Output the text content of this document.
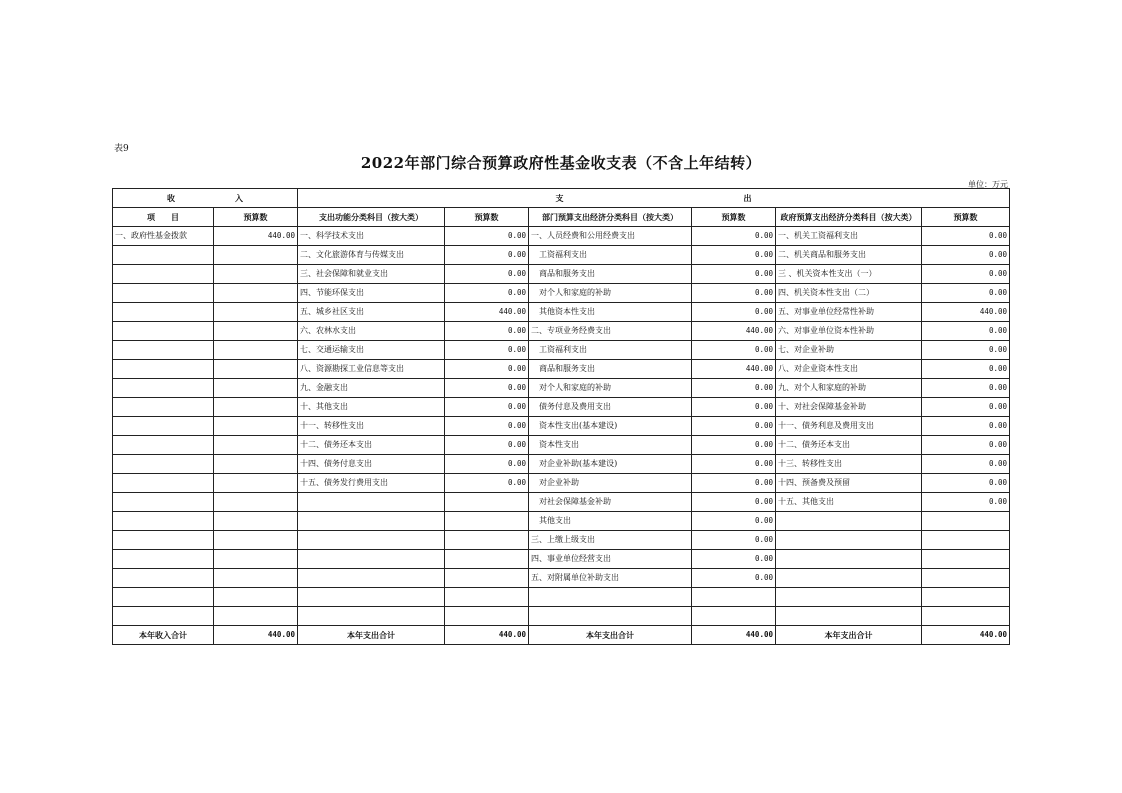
表9
2022年部门综合预算政府性基金收支表（不含上年结转）
单位：万元
收 入		支 出					
项　　目	预算数	支出功能分类科目（按大类）	预算数	部门预算支出经济分类科目（按大类）	预算数	政府预算支出经济分类科目（按大类）	预算数
一、政府性基金拨款	440.00	一、科学技术支出	0.00	一、人员经费和公用经费支出	0.00	一、机关工资福利支出	0.00
		二、文化旅游体育与传媒支出	0.00	　工资福利支出	0.00	二、机关商品和服务支出	0.00
		三、社会保障和就业支出	0.00	　商品和服务支出	0.00	三 、机关资本性支出（一）	0.00
		四、节能环保支出	0.00	　对个人和家庭的补助	0.00	四、机关资本性支出（二）	0.00
		五、城乡社区支出	440.00	　其他资本性支出	0.00	五、对事业单位经常性补助	440.00
		六、农林水支出	0.00	二、专项业务经费支出	440.00	六、对事业单位资本性补助	0.00
		七、交通运输支出	0.00	　工资福利支出	0.00	七、对企业补助	0.00
		八、资源勘探工业信息等支出	0.00	　商品和服务支出	440.00	八、对企业资本性支出	0.00
		九、金融支出	0.00	　对个人和家庭的补助	0.00	九、对个人和家庭的补助	0.00
		十、其他支出	0.00	　债务付息及费用支出	0.00	十、对社会保障基金补助	0.00
		十一、转移性支出	0.00	　资本性支出(基本建设)	0.00	十一、债务利息及费用支出	0.00
		十二、债务还本支出	0.00	　资本性支出	0.00	十二、债务还本支出	0.00
		十四、债务付息支出	0.00	　对企业补助(基本建设)	0.00	十三、转移性支出	0.00
		十五、债务发行费用支出	0.00	　对企业补助	0.00	十四、预备费及预留	0.00
				　对社会保障基金补助	0.00	十五、其他支出	0.00
				　其他支出	0.00		
				三、上缴上级支出	0.00		
				四、事业单位经营支出	0.00		
				五、对附属单位补助支出	0.00		

本年收入合计	440.00	本年支出合计	440.00	本年支出合计	440.00	本年支出合计	440.00
